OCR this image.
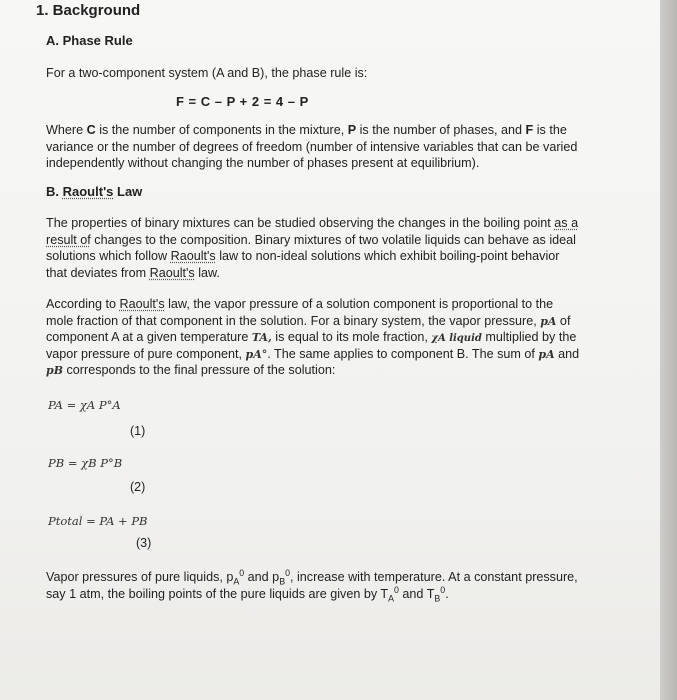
1. Background
A. Phase Rule
For a two-component system (A and B), the phase rule is:
F = C – P + 2 = 4 – P
Where C is the number of components in the mixture, P is the number of phases, and F is the
variance or the number of degrees of freedom (number of intensive variables that can be varied
independently without changing the number of phases present at equilibrium).
B. Raoult's Law
The properties of binary mixtures can be studied observing the changes in the boiling point as a
result of changes to the composition. Binary mixtures of two volatile liquids can behave as ideal
solutions which follow Raoult's law to non-ideal solutions which exhibit boiling-point behavior
that deviates from Raoult's law.
According to Raoult's law, the vapor pressure of a solution component is proportional to the
mole fraction of that component in the solution. For a binary system, the vapor pressure, pA of
component A at a given temperature TA, is equal to its mole fraction, χA liquid multiplied by the
vapor pressure of pure component, pA°. The same applies to component B. The sum of pA and
pB corresponds to the final pressure of the solution:
PA = χA P°A
(1)
PB = χB P°B
(2)
Ptotal = PA + PB
(3)
Vapor pressures of pure liquids, $p_A^0$ and $p_B^0$, increase with temperature. At a constant pressure,
say 1 atm, the boiling points of the pure liquids are given by $T_A^0$ and $T_B^0$.
